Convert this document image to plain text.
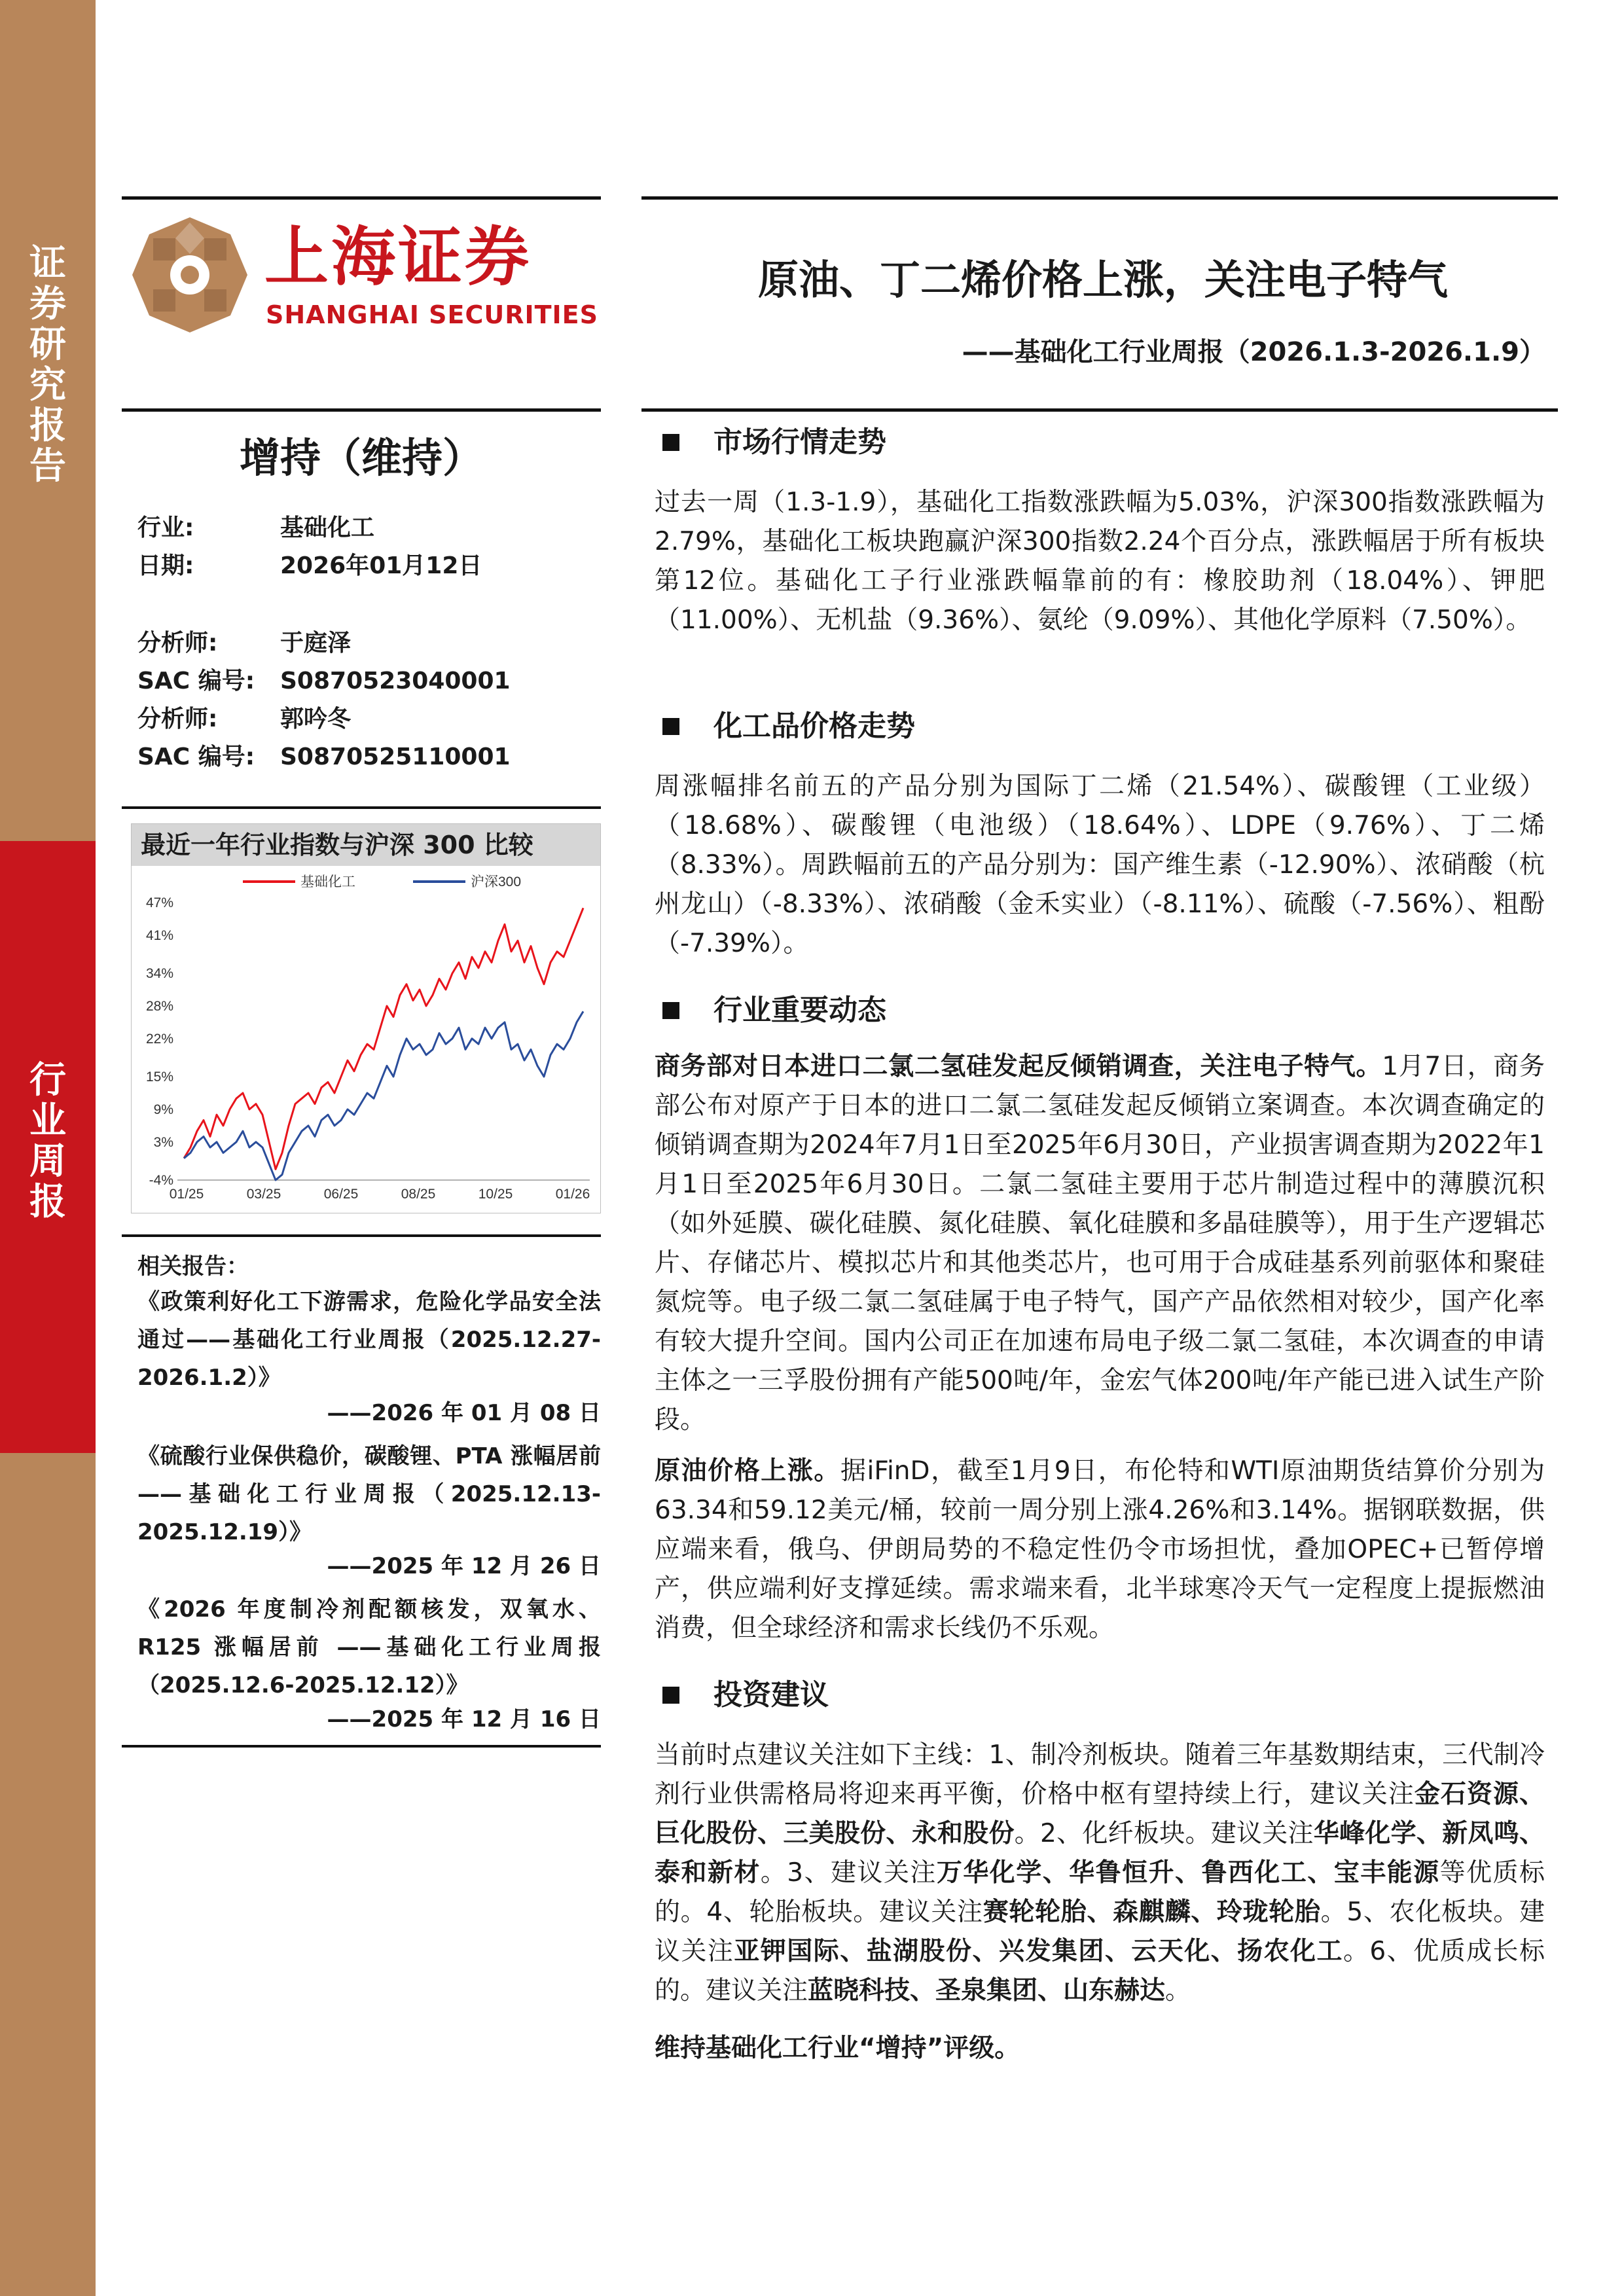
证
券
研
究
报
告
行
业
周
报
上海证券
SHANGHAI SECURITIES
原油、丁二烯价格上涨，关注电子特气
——基础化工行业周报（2026.1.3-2026.1.9）
增持（维持）
行业:	基础化工
日期:	2026年01月12日
分析师:	于庭泽
SAC 编号: S0870523040001
分析师:	郭吟冬
SAC 编号: S0870525110001
最近一年行业指数与沪深 300 比较
47%
41%
34%
28%
22%
15%
9%
3%
-4%
01/25	03/25	06/25	08/25	10/25	01/26
基础化工	沪深300
相关报告：
《政策利好化工下游需求，危险化学品安全法通过——基础化工行业周报（2025.12.27-2026.1.2）》
——2026 年 01 月 08 日
《硫酸行业保供稳价，碳酸锂、PTA 涨幅居前 ——基础化工行业周报（2025.12.13-2025.12.19）》
——2025 年 12 月 26 日
《2026 年度制冷剂配额核发，双氧水、R125 涨幅居前 ——基础化工行业周报（2025.12.6-2025.12.12）》
——2025 年 12 月 16 日
市场行情走势
过去一周（1.3-1.9），基础化工指数涨跌幅为5.03%，沪深300指数涨跌幅为2.79%，基础化工板块跑赢沪深300指数2.24个百分点，涨跌幅居于所有板块第12位。基础化工子行业涨跌幅靠前的有：橡胶助剂（18.04%）、钾肥（11.00%）、无机盐（9.36%）、氨纶（9.09%）、其他化学原料（7.50%）。
化工品价格走势
周涨幅排名前五的产品分别为国际丁二烯（21.54%）、碳酸锂（工业级）（18.68%）、碳酸锂（电池级）（18.64%）、LDPE（9.76%）、丁二烯（8.33%）。周跌幅前五的产品分别为：国产维生素（-12.90%）、浓硝酸（杭州龙山）（-8.33%）、浓硝酸（金禾实业）（-8.11%）、硫酸（-7.56%）、粗酚（-7.39%）。
行业重要动态
商务部对日本进口二氯二氢硅发起反倾销调查，关注电子特气。1月7日，商务部公布对原产于日本的进口二氯二氢硅发起反倾销立案调查。本次调查确定的倾销调查期为2024年7月1日至2025年6月30日，产业损害调查期为2022年1月1日至2025年6月30日。二氯二氢硅主要用于芯片制造过程中的薄膜沉积（如外延膜、碳化硅膜、氮化硅膜、氧化硅膜和多晶硅膜等），用于生产逻辑芯片、存储芯片、模拟芯片和其他类芯片，也可用于合成硅基系列前驱体和聚硅氮烷等。电子级二氯二氢硅属于电子特气，国产产品依然相对较少，国产化率有较大提升空间。国内公司正在加速布局电子级二氯二氢硅，本次调查的申请主体之一三孚股份拥有产能500吨/年，金宏气体200吨/年产能已进入试生产阶段。
原油价格上涨。据iFinD，截至1月9日，布伦特和WTI原油期货结算价分别为63.34和59.12美元/桶，较前一周分别上涨4.26%和3.14%。据钢联数据，供应端来看，俄乌、伊朗局势的不稳定性仍令市场担忧，叠加OPEC+已暂停增产，供应端利好支撑延续。需求端来看，北半球寒冷天气一定程度上提振燃油消费，但全球经济和需求长线仍不乐观。
投资建议
当前时点建议关注如下主线：1、制冷剂板块。随着三年基数期结束，三代制冷剂行业供需格局将迎来再平衡，价格中枢有望持续上行，建议关注金石资源、巨化股份、三美股份、永和股份。2、化纤板块。建议关注华峰化学、新凤鸣、泰和新材。3、建议关注万华化学、华鲁恒升、鲁西化工、宝丰能源等优质标的。4、轮胎板块。建议关注赛轮轮胎、森麒麟、玲珑轮胎。5、农化板块。建议关注亚钾国际、盐湖股份、兴发集团、云天化、扬农化工。6、优质成长标的。建议关注蓝晓科技、圣泉集团、山东赫达。
维持基础化工行业“增持”评级。
